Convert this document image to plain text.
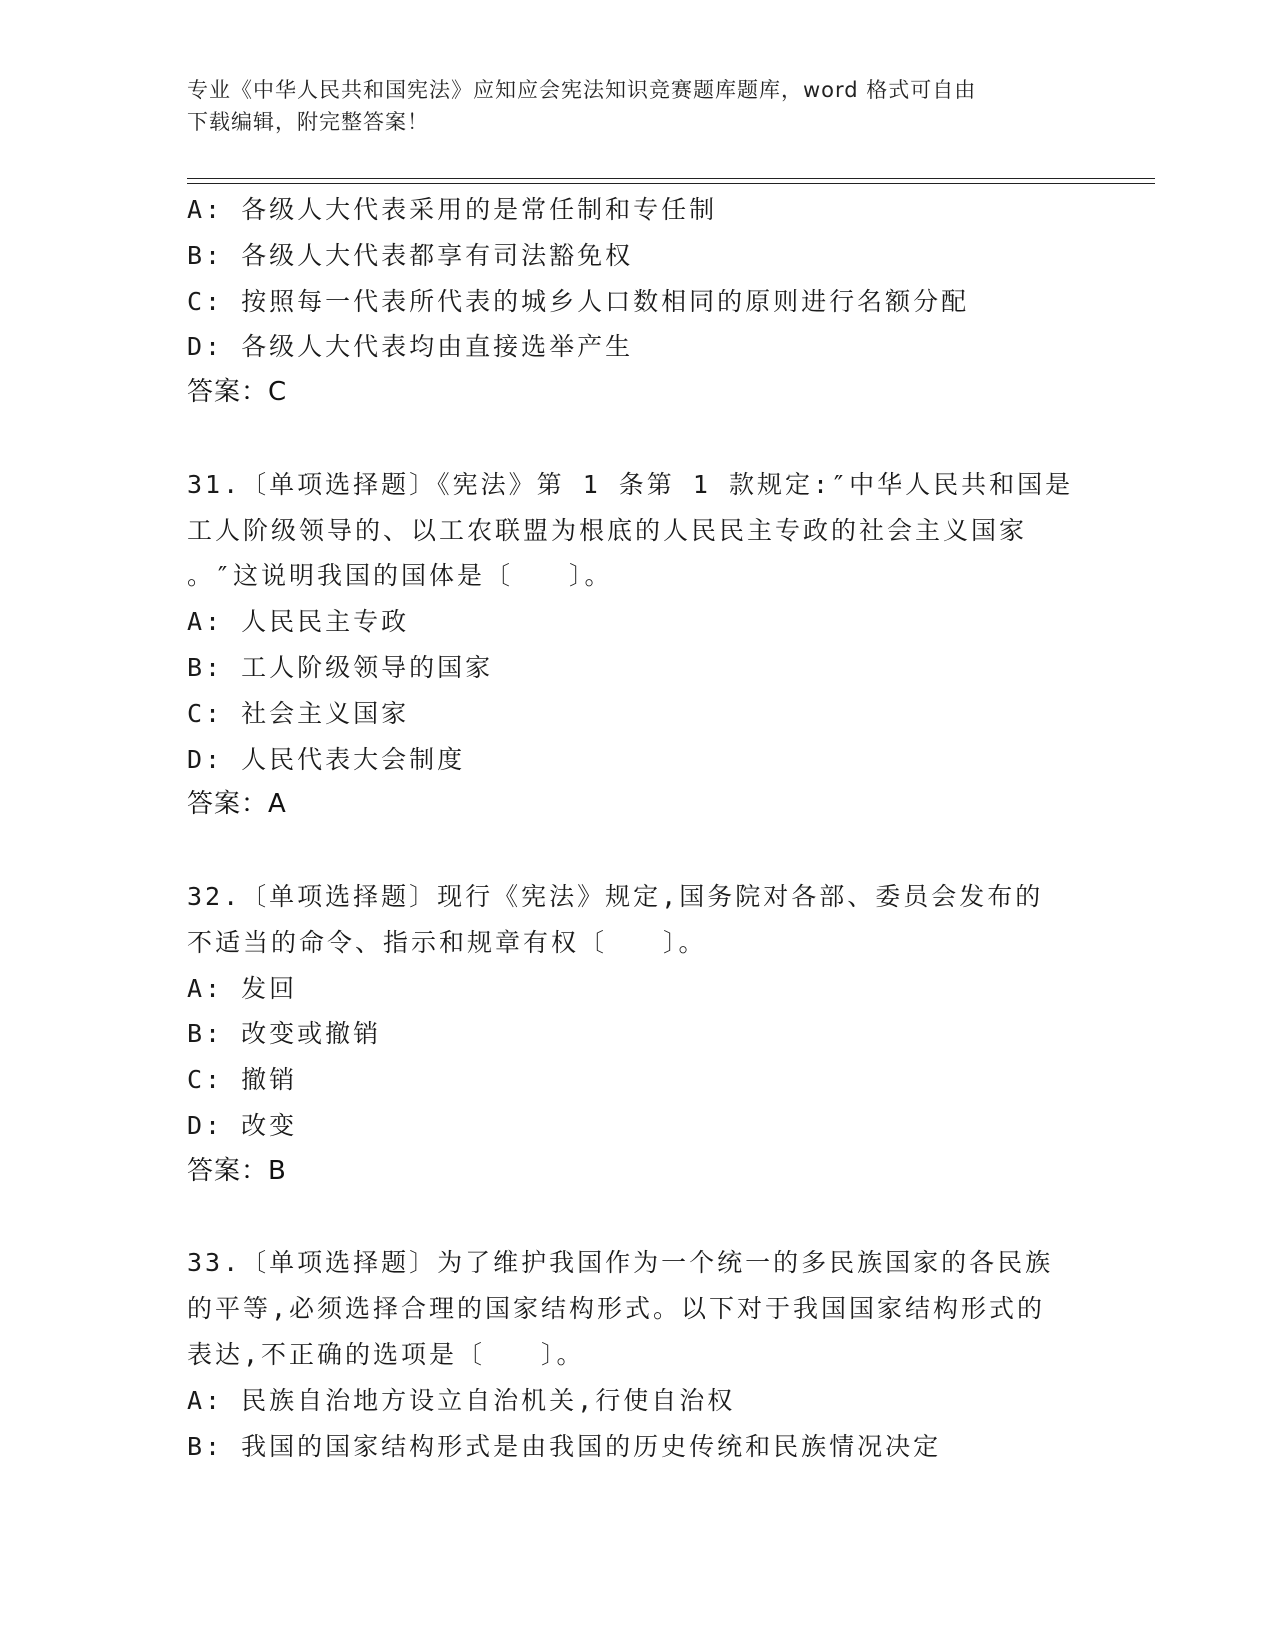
专业《中华人民共和国宪法》应知应会宪法知识竞赛题库题库，word 格式可自由
下载编辑，附完整答案！
A: 各级人大代表采用的是常任制和专任制
B: 各级人大代表都享有司法豁免权
C: 按照每一代表所代表的城乡人口数相同的原则进行名额分配
D: 各级人大代表均由直接选举产生
答案：C
31.〔单项选择题〕《宪法》第 1 条第 1 款规定:″中华人民共和国是
工人阶级领导的、以工农联盟为根底的人民民主专政的社会主义国家
。″这说明我国的国体是〔　　〕。
A: 人民民主专政
B: 工人阶级领导的国家
C: 社会主义国家
D: 人民代表大会制度
答案：A
32.〔单项选择题〕现行《宪法》规定,国务院对各部、委员会发布的
不适当的命令、指示和规章有权〔　　〕。
A: 发回
B: 改变或撤销
C: 撤销
D: 改变
答案：B
33.〔单项选择题〕为了维护我国作为一个统一的多民族国家的各民族
的平等,必须选择合理的国家结构形式。以下对于我国国家结构形式的
表达,不正确的选项是〔　　〕。
A: 民族自治地方设立自治机关,行使自治权
B: 我国的国家结构形式是由我国的历史传统和民族情况决定
